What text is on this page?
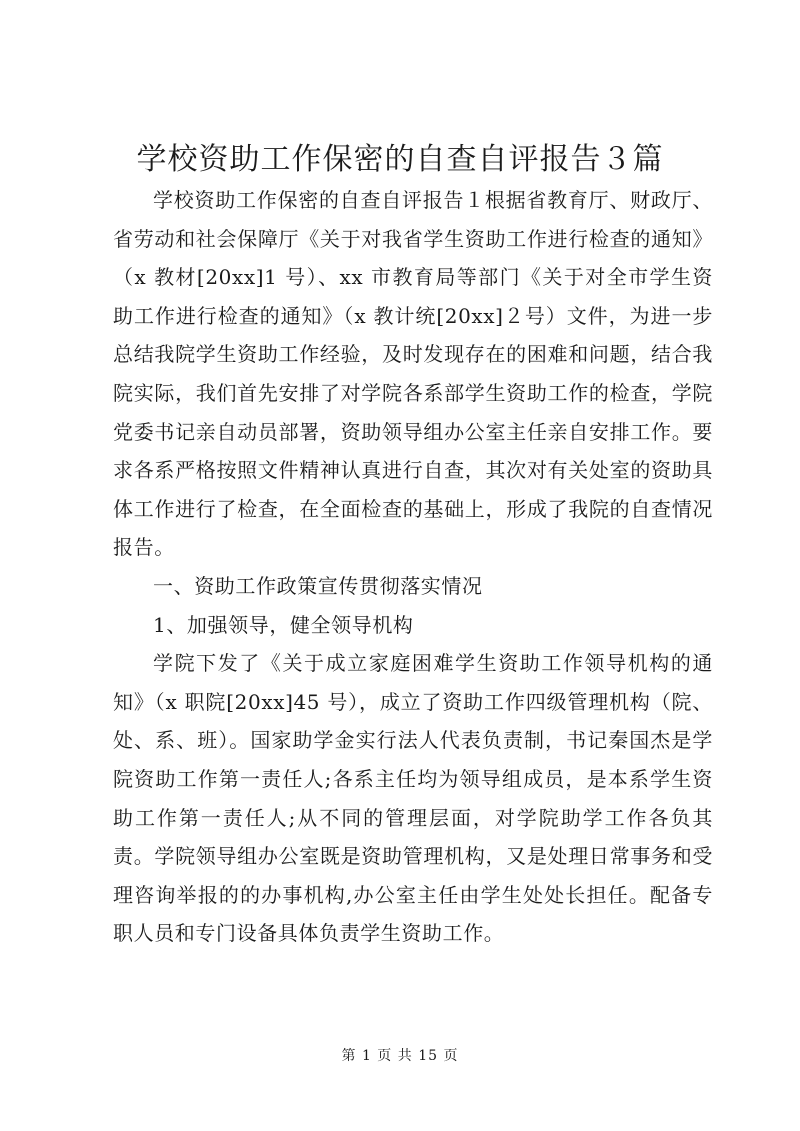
学校资助工作保密的自查自评报告３篇

学校资助工作保密的自查自评报告１根据省教育厅、财政厅、省劳动和社会保障厅《关于对我省学生资助工作进行检查的通知》（x 教材[20xx]1 号）、xx 市教育局等部门《关于对全市学生资助工作进行检查的通知》（x 教计统[20xx]２号）文件，为进一步总结我院学生资助工作经验，及时发现存在的困难和问题，结合我院实际，我们首先安排了对学院各系部学生资助工作的检查，学院党委书记亲自动员部署，资助领导组办公室主任亲自安排工作。要求各系严格按照文件精神认真进行自查，其次对有关处室的资助具体工作进行了检查，在全面检查的基础上，形成了我院的自查情况报告。

一、资助工作政策宣传贯彻落实情况

1、加强领导，健全领导机构

学院下发了《关于成立家庭困难学生资助工作领导机构的通知》（x 职院[20xx]45 号），成立了资助工作四级管理机构（院、处、系、班）。国家助学金实行法人代表负责制，书记秦国杰是学院资助工作第一责任人;各系主任均为领导组成员，是本系学生资助工作第一责任人;从不同的管理层面，对学院助学工作各负其责。学院领导组办公室既是资助管理机构，又是处理日常事务和受理咨询举报的的办事机构,办公室主任由学生处处长担任。配备专职人员和专门设备具体负责学生资助工作。

第 1 页 共 15 页
